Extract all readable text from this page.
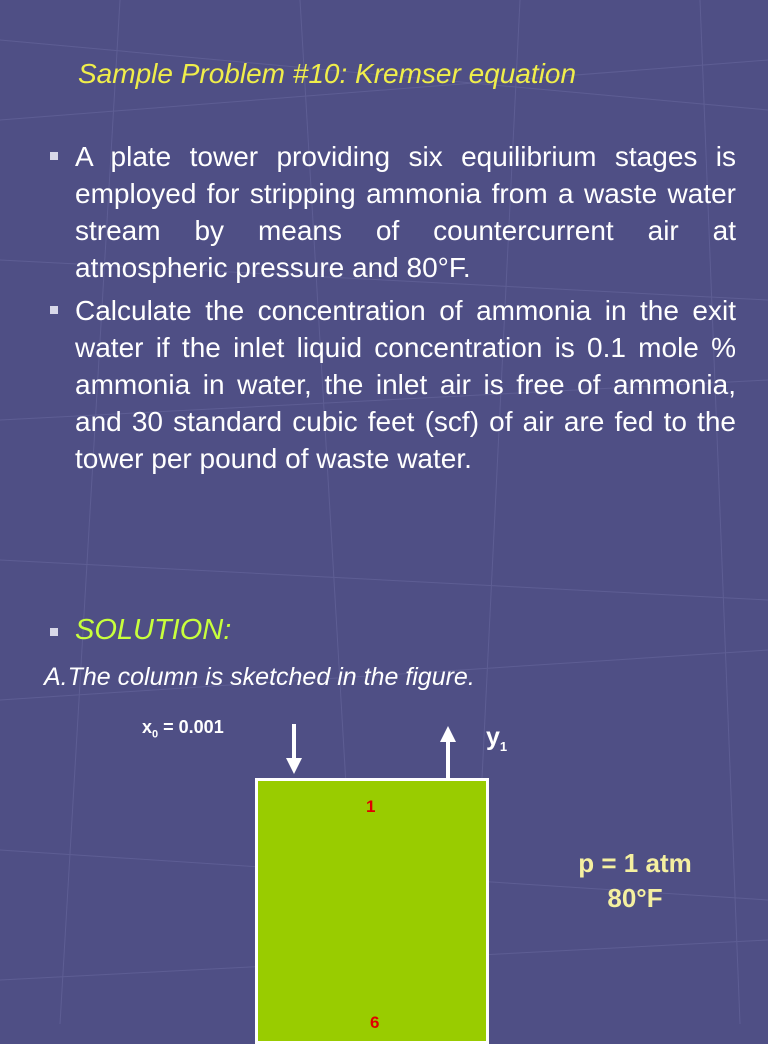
Sample Problem #10: Kremser equation
A plate tower providing six equilibrium stages is employed for stripping ammonia from a waste water stream by means of countercurrent air at atmospheric pressure and 80°F.
Calculate the concentration of ammonia in the exit water if the inlet liquid concentration is 0.1 mole % ammonia in water, the inlet air is free of ammonia, and 30 standard cubic feet (scf) of air are fed to the tower per pound of waste water.
SOLUTION:
A.The column is sketched in the figure.
$x_0 = 0.001$	$y_1$
1
6
p = 1 atm
80°F
